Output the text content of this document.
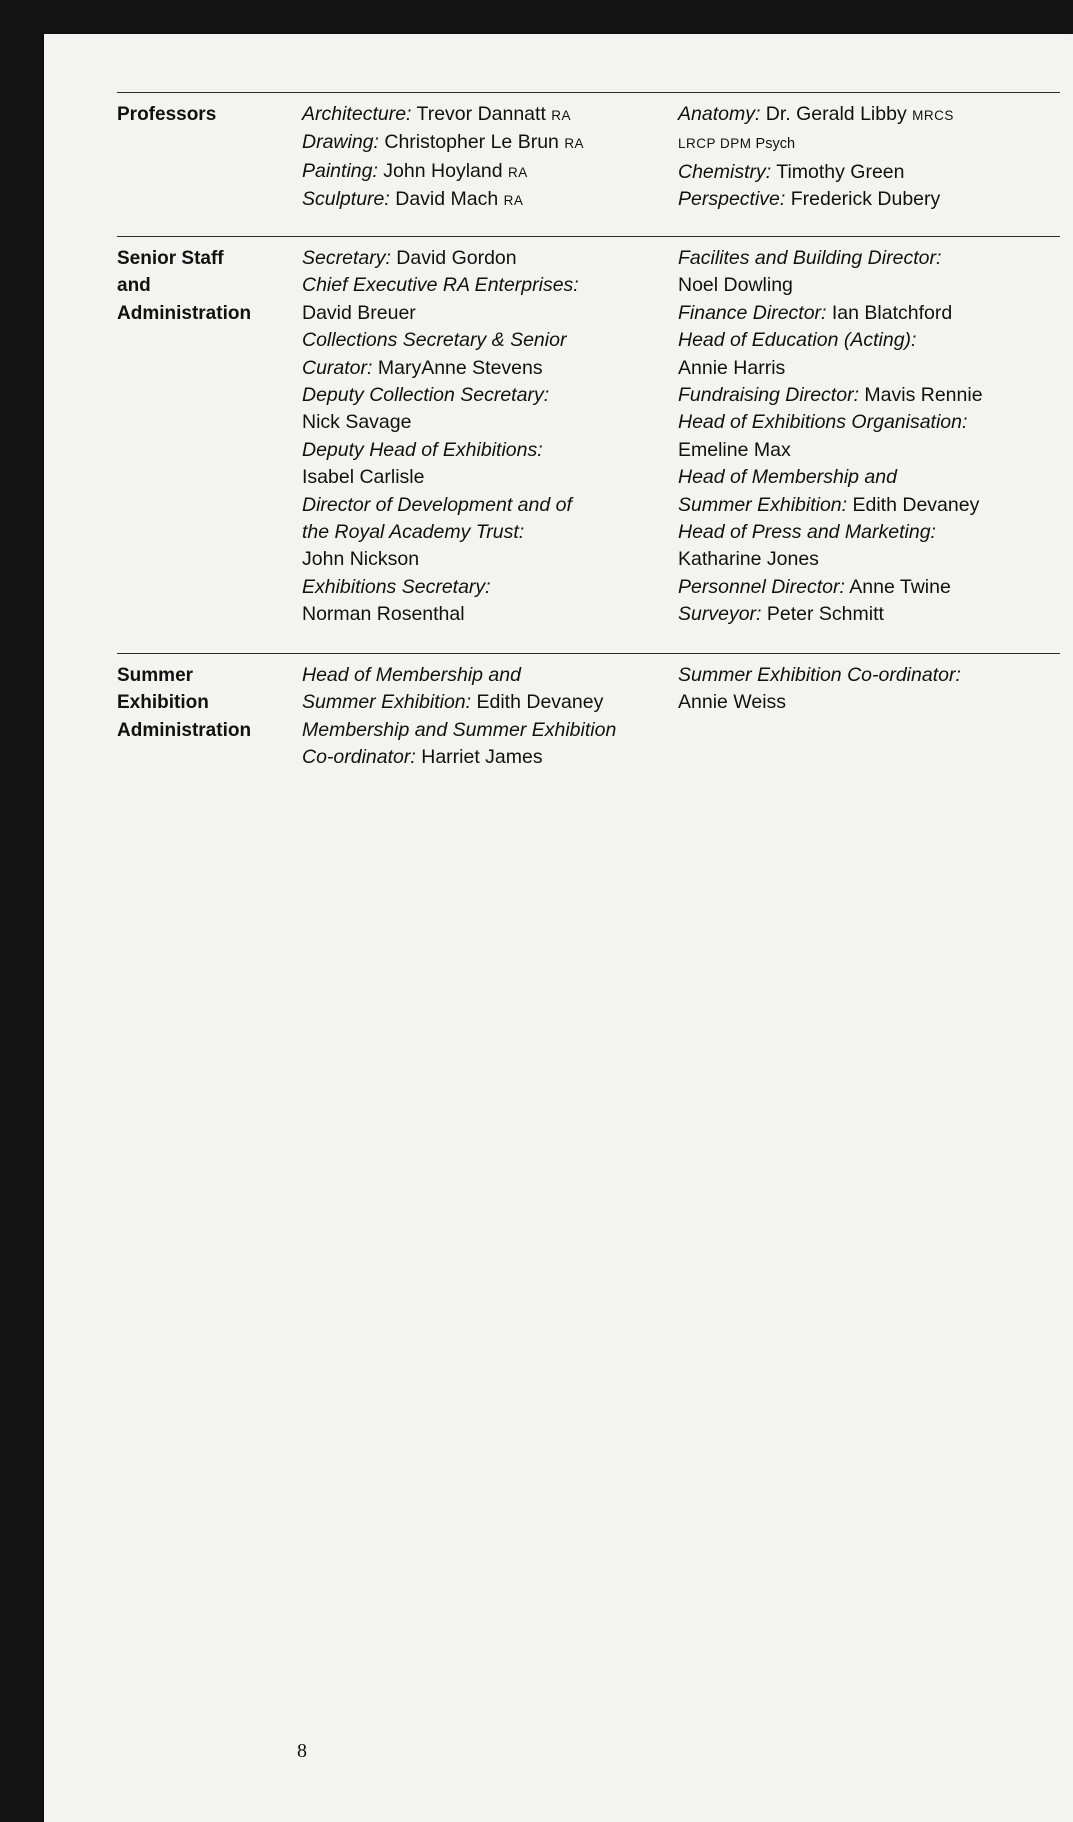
Professors	Architecture: Trevor Dannatt RA
Drawing: Christopher Le Brun RA
Painting: John Hoyland RA
Sculpture: David Mach RA
Anatomy: Dr. Gerald Libby MRCS
LRCP DPM Psych
Chemistry: Timothy Green
Perspective: Frederick Dubery
Senior Staff
and
Administration
Secretary: David Gordon
Chief Executive RA Enterprises:
David Breuer
Collections Secretary & Senior
Curator: MaryAnne Stevens
Deputy Collection Secretary:
Nick Savage
Deputy Head of Exhibitions:
Isabel Carlisle
Director of Development and of
the Royal Academy Trust:
John Nickson
Exhibitions Secretary:
Norman Rosenthal
Facilites and Building Director:
Noel Dowling
Finance Director: Ian Blatchford
Head of Education (Acting):
Annie Harris
Fundraising Director: Mavis Rennie
Head of Exhibitions Organisation:
Emeline Max
Head of Membership and
Summer Exhibition: Edith Devaney
Head of Press and Marketing:
Katharine Jones
Personnel Director: Anne Twine
Surveyor: Peter Schmitt
Summer
Exhibition
Administration
Head of Membership and
Summer Exhibition: Edith Devaney
Membership and Summer Exhibition
Co-ordinator: Harriet James
Summer Exhibition Co-ordinator:
Annie Weiss
8
